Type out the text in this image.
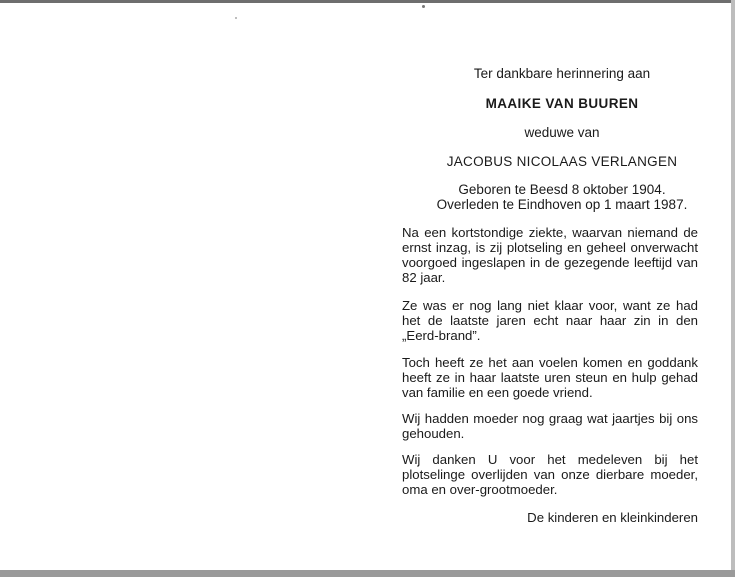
Ter dankbare herinnering aan
MAAIKE VAN BUUREN
weduwe van
JACOBUS NICOLAAS VERLANGEN
Geboren te Beesd 8 oktober 1904.
Overleden te Eindhoven op 1 maart 1987.
Na een kortstondige ziekte, waarvan niemand de ernst inzag, is zij plotseling en geheel onverwacht voorgoed ingeslapen in de gezegende leeftijd van 82 jaar.
Ze was er nog lang niet klaar voor, want ze had het de laatste jaren echt naar haar zin in den „Eerd-brand”.
Toch heeft ze het aan voelen komen en goddank heeft ze in haar laatste uren steun en hulp gehad van familie en een goede vriend.
Wij hadden moeder nog graag wat jaartjes bij ons gehouden.
Wij danken U voor het medeleven bij het plotselinge overlijden van onze dierbare moeder, oma en over-grootmoeder.
De kinderen en kleinkinderen
